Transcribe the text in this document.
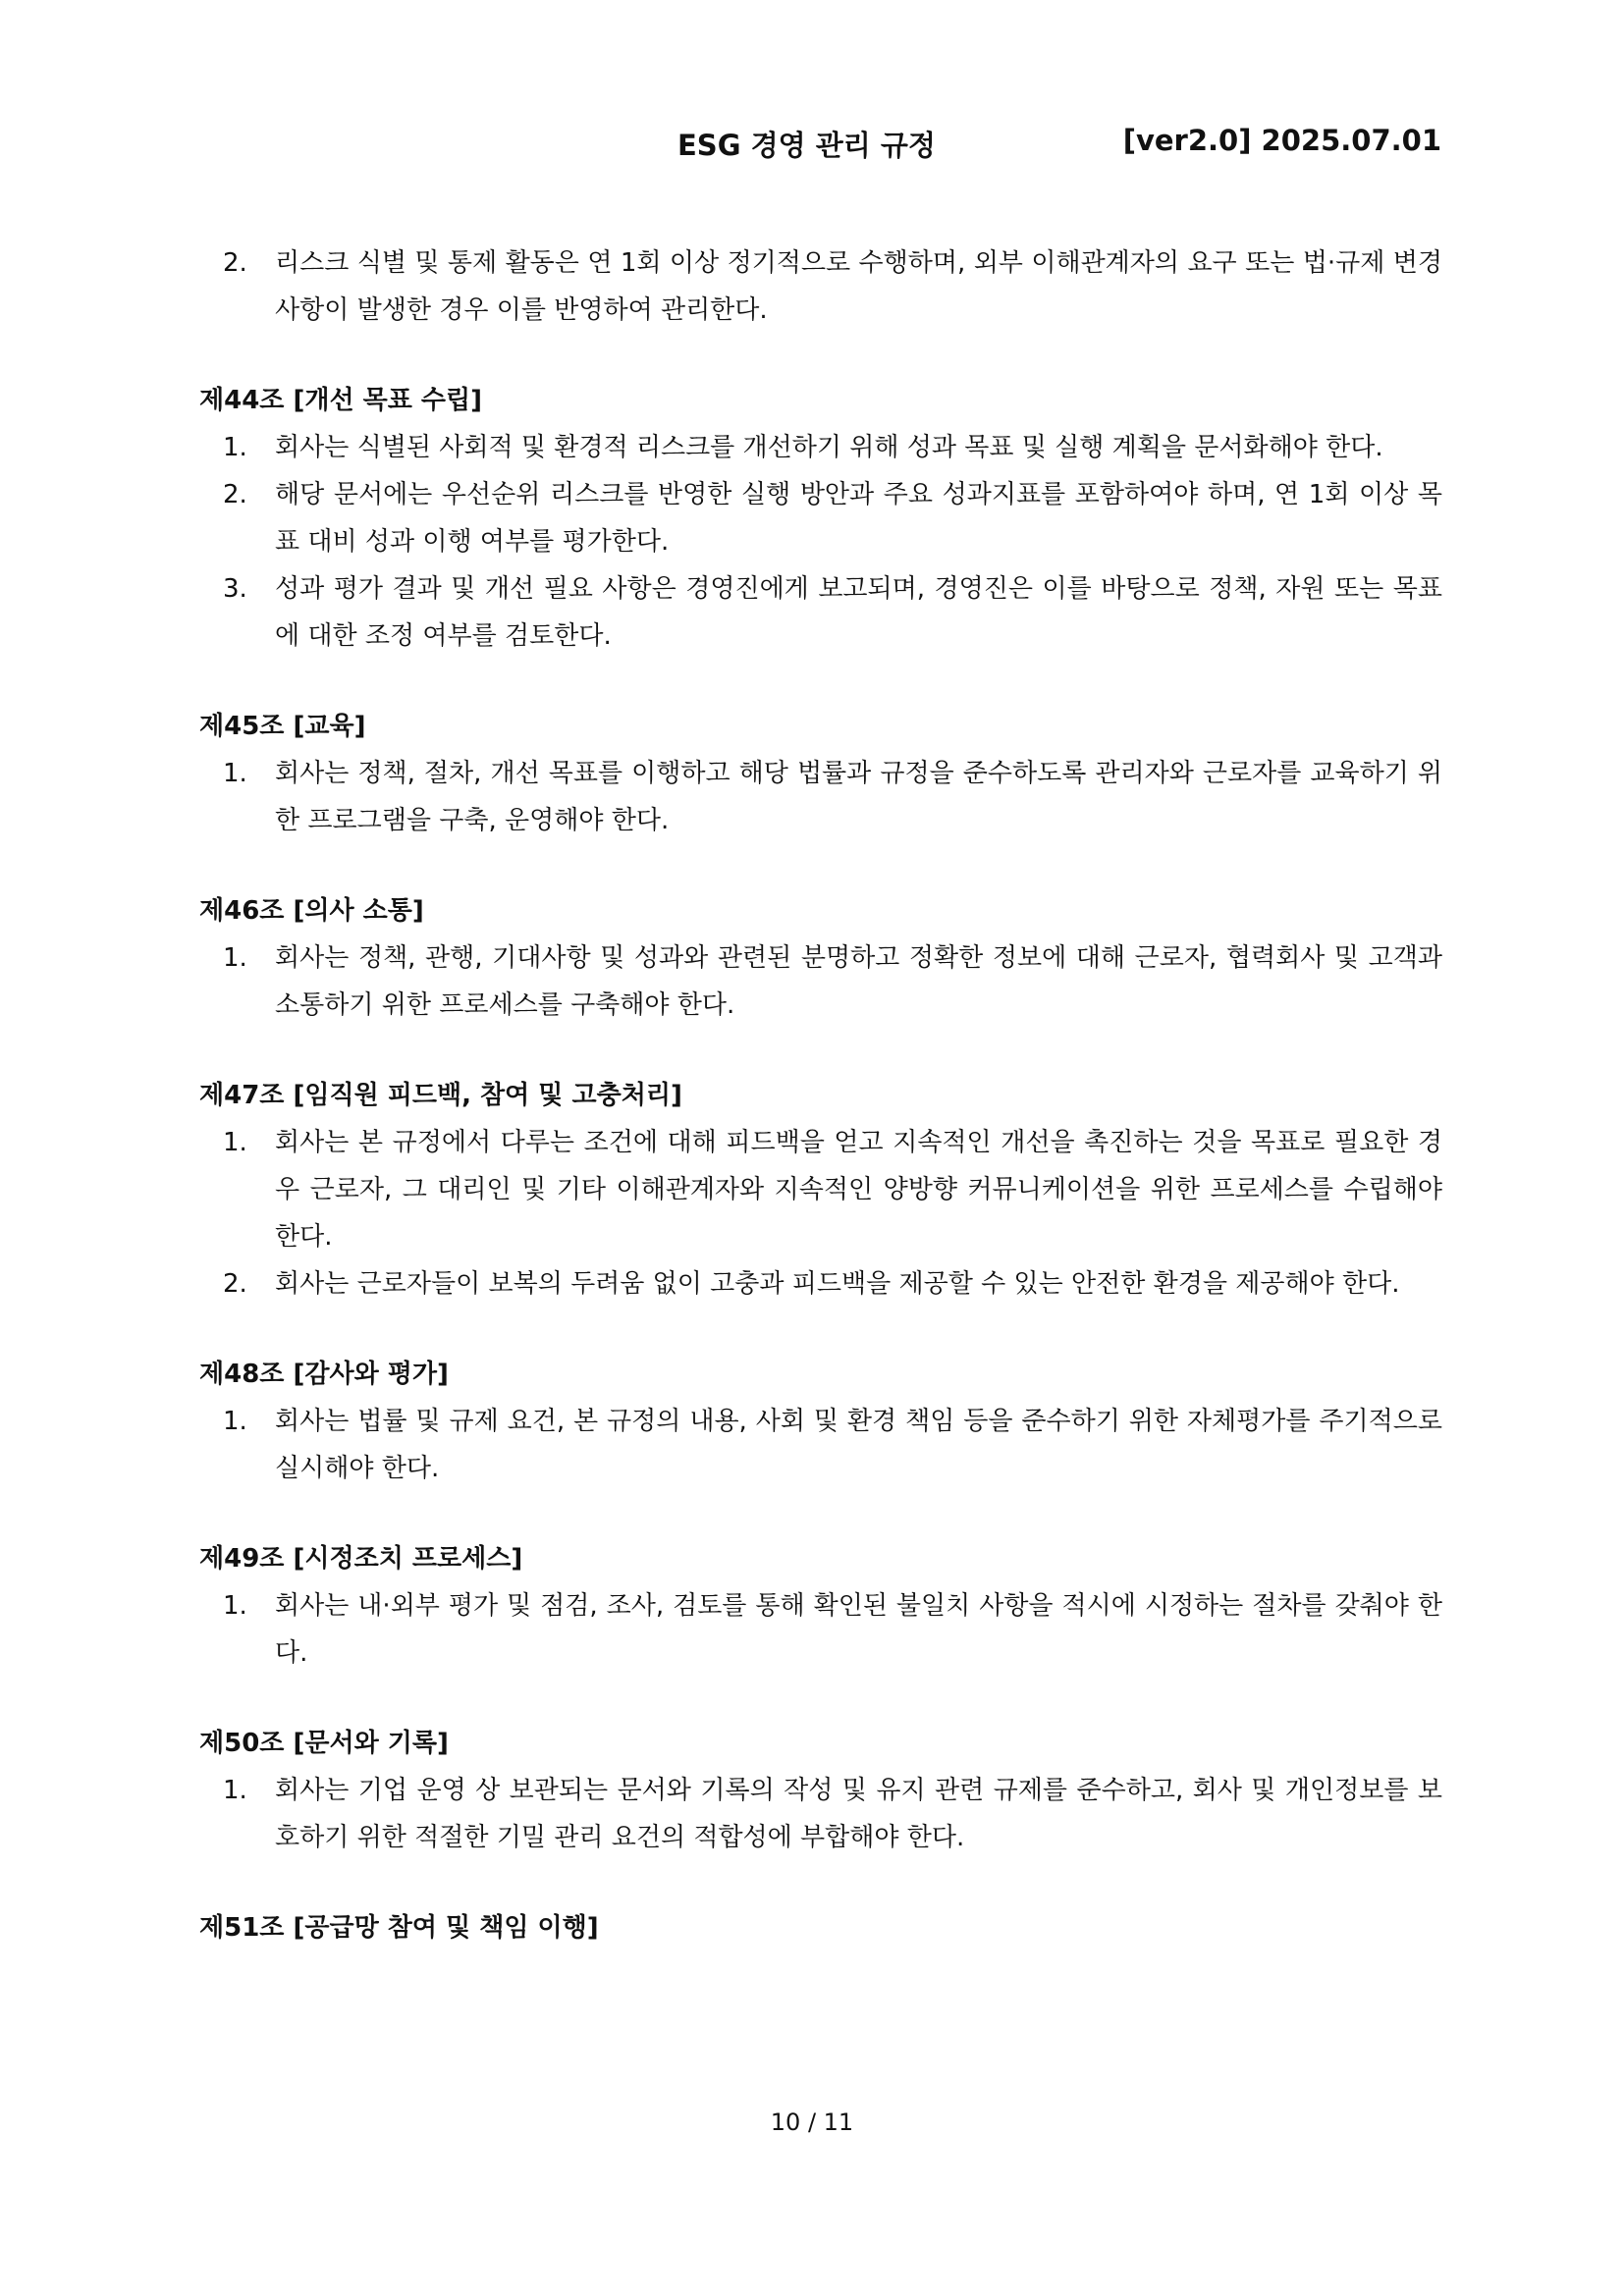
ESG 경영 관리 규정	[ver2.0] 2025.07.01
2. 리스크 식별 및 통제 활동은 연 1회 이상 정기적으로 수행하며, 외부 이해관계자의 요구 또는 법·규제 변경 사항이 발생한 경우 이를 반영하여 관리한다.
제44조 [개선 목표 수립]
1. 회사는 식별된 사회적 및 환경적 리스크를 개선하기 위해 성과 목표 및 실행 계획을 문서화해야 한다.
2. 해당 문서에는 우선순위 리스크를 반영한 실행 방안과 주요 성과지표를 포함하여야 하며, 연 1회 이상 목표 대비 성과 이행 여부를 평가한다.
3. 성과 평가 결과 및 개선 필요 사항은 경영진에게 보고되며, 경영진은 이를 바탕으로 정책, 자원 또는 목표에 대한 조정 여부를 검토한다.
제45조 [교육]
1. 회사는 정책, 절차, 개선 목표를 이행하고 해당 법률과 규정을 준수하도록 관리자와 근로자를 교육하기 위한 프로그램을 구축, 운영해야 한다.
제46조 [의사 소통]
1. 회사는 정책, 관행, 기대사항 및 성과와 관련된 분명하고 정확한 정보에 대해 근로자, 협력회사 및 고객과 소통하기 위한 프로세스를 구축해야 한다.
제47조 [임직원 피드백, 참여 및 고충처리]
1. 회사는 본 규정에서 다루는 조건에 대해 피드백을 얻고 지속적인 개선을 촉진하는 것을 목표로 필요한 경우 근로자, 그 대리인 및 기타 이해관계자와 지속적인 양방향 커뮤니케이션을 위한 프로세스를 수립해야 한다.
2. 회사는 근로자들이 보복의 두려움 없이 고충과 피드백을 제공할 수 있는 안전한 환경을 제공해야 한다.
제48조 [감사와 평가]
1. 회사는 법률 및 규제 요건, 본 규정의 내용, 사회 및 환경 책임 등을 준수하기 위한 자체평가를 주기적으로 실시해야 한다.
제49조 [시정조치 프로세스]
1. 회사는 내·외부 평가 및 점검, 조사, 검토를 통해 확인된 불일치 사항을 적시에 시정하는 절차를 갖춰야 한다.
제50조 [문서와 기록]
1. 회사는 기업 운영 상 보관되는 문서와 기록의 작성 및 유지 관련 규제를 준수하고, 회사 및 개인정보를 보호하기 위한 적절한 기밀 관리 요건의 적합성에 부합해야 한다.
제51조 [공급망 참여 및 책임 이행]
10 / 11
